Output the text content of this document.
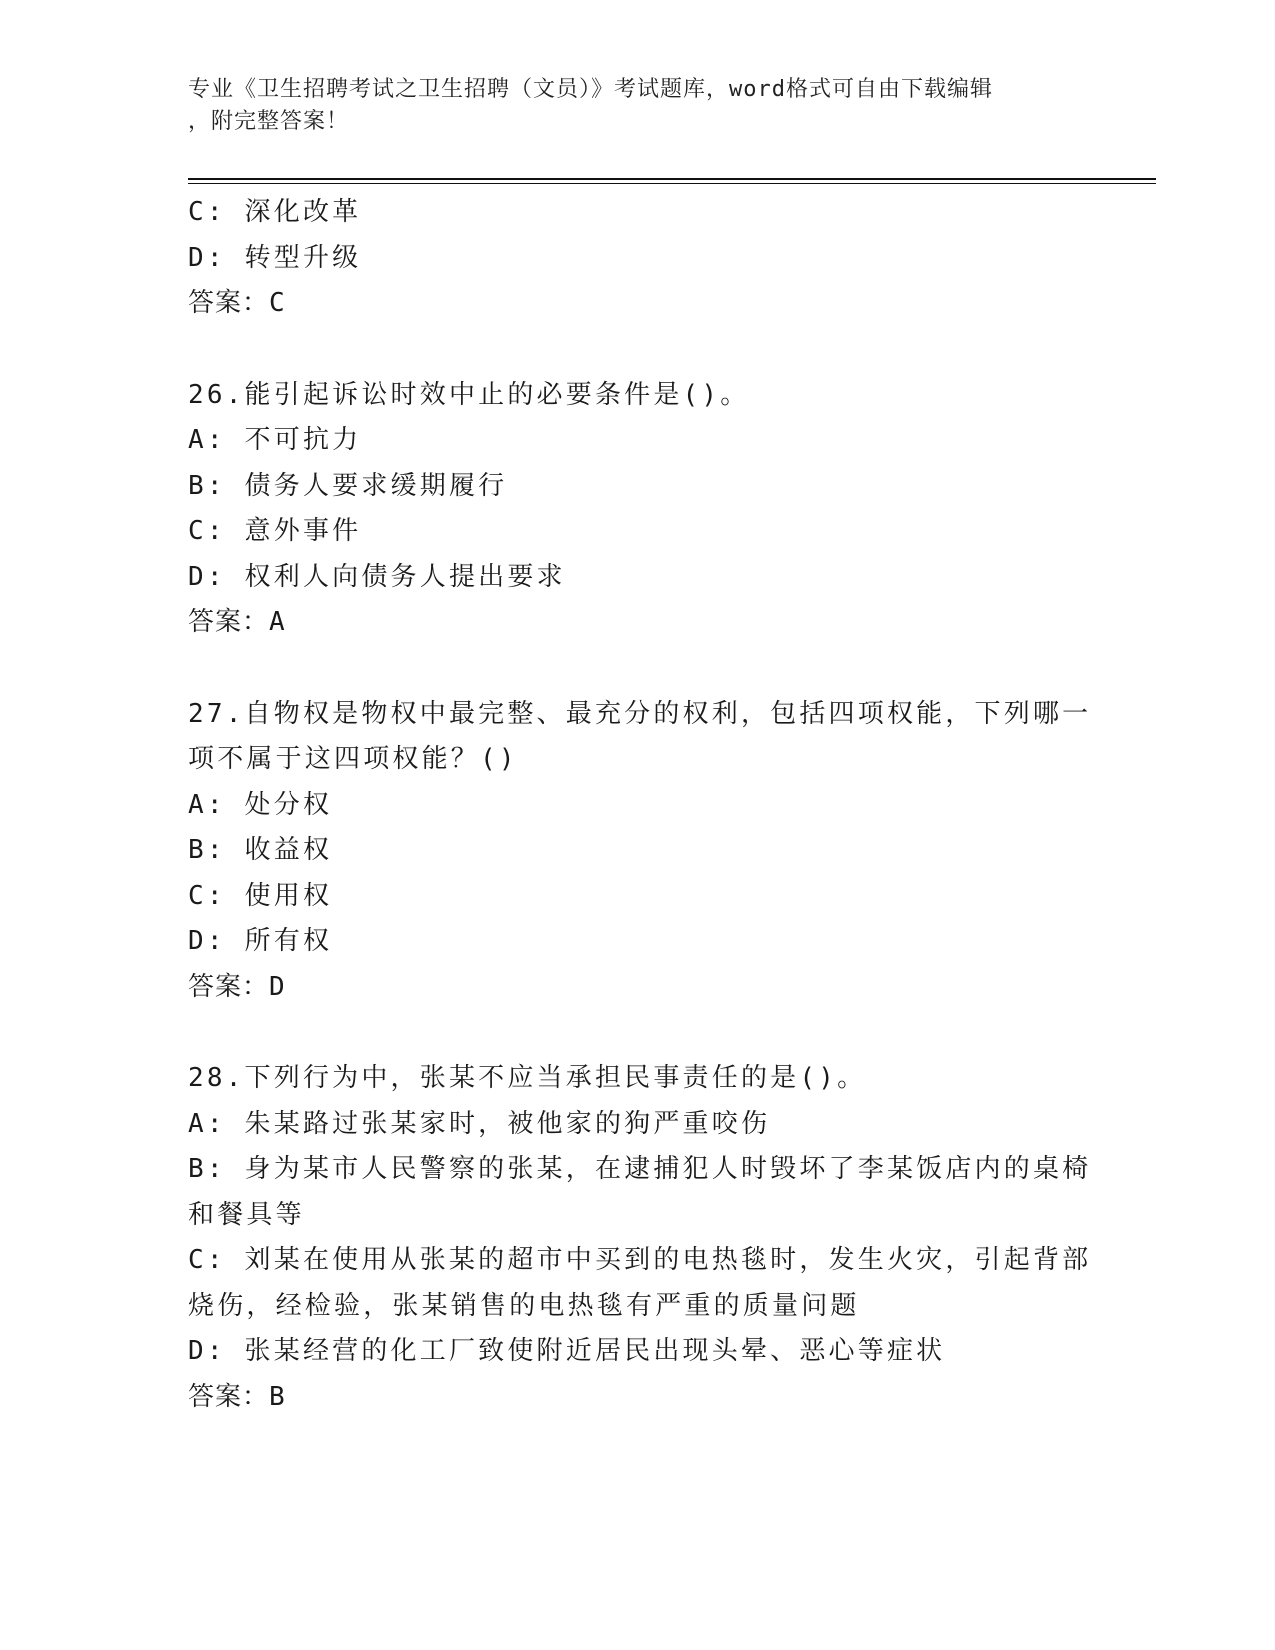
专业《卫生招聘考试之卫生招聘（文员）》考试题库，word格式可自由下载编辑
，附完整答案！
C: 深化改革
D: 转型升级
答案：C
26.能引起诉讼时效中止的必要条件是()。
A: 不可抗力
B: 债务人要求缓期履行
C: 意外事件
D: 权利人向债务人提出要求
答案：A
27.自物权是物权中最完整、最充分的权利，包括四项权能，下列哪一
项不属于这四项权能？()
A: 处分权
B: 收益权
C: 使用权
D: 所有权
答案：D
28.下列行为中，张某不应当承担民事责任的是()。
A: 朱某路过张某家时，被他家的狗严重咬伤
B: 身为某市人民警察的张某，在逮捕犯人时毁坏了李某饭店内的桌椅
和餐具等
C: 刘某在使用从张某的超市中买到的电热毯时，发生火灾，引起背部
烧伤，经检验，张某销售的电热毯有严重的质量问题
D: 张某经营的化工厂致使附近居民出现头晕、恶心等症状
答案：B
